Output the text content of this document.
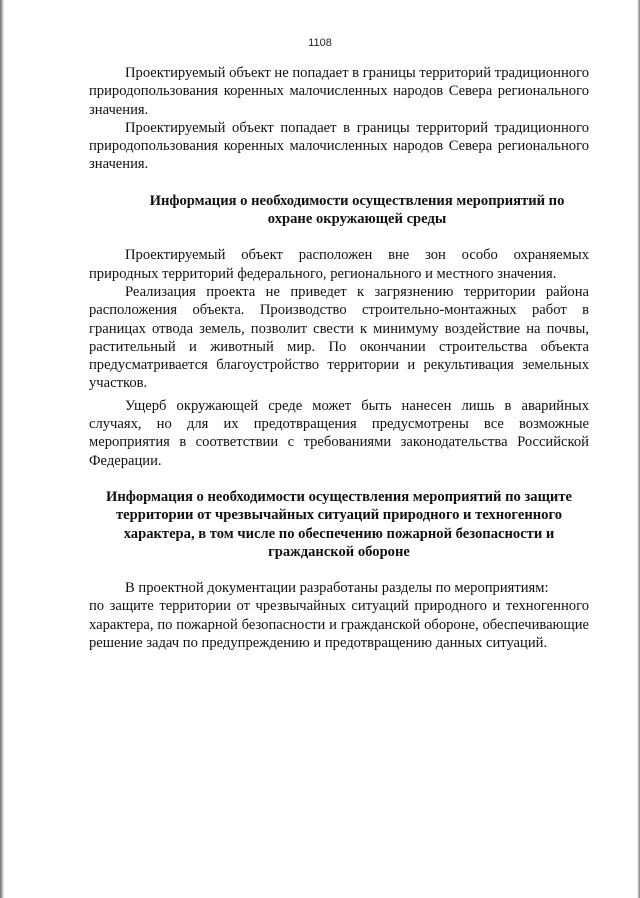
1108

Проектируемый объект не попадает в границы территорий традиционного природопользования коренных малочисленных народов Севера регионального значения.

Проектируемый объект попадает в границы территорий традиционного природопользования коренных малочисленных народов Севера регионального значения.

Информация о необходимости осуществления мероприятий по охране окружающей среды

Проектируемый объект расположен вне зон особо охраняемых природных территорий федерального, регионального и местного значения.

Реализация проекта не приведет к загрязнению территории района расположения объекта. Производство строительно-монтажных работ в границах отвода земель, позволит свести к минимуму воздействие на почвы, растительный и животный мир. По окончании строительства объекта предусматривается благоустройство территории и рекультивация земельных участков.

Ущерб окружающей среде может быть нанесен лишь в аварийных случаях, но для их предотвращения предусмотрены все возможные мероприятия в соответствии с требованиями законодательства Российской Федерации.

Информация о необходимости осуществления мероприятий по защите территории от чрезвычайных ситуаций природного и техногенного характера, в том числе по обеспечению пожарной безопасности и гражданской обороне

В проектной документации разработаны разделы по мероприятиям:

по защите территории от чрезвычайных ситуаций природного и техногенного характера, по пожарной безопасности и гражданской обороне, обеспечивающие решение задач по предупреждению и предотвращению данных ситуаций.
